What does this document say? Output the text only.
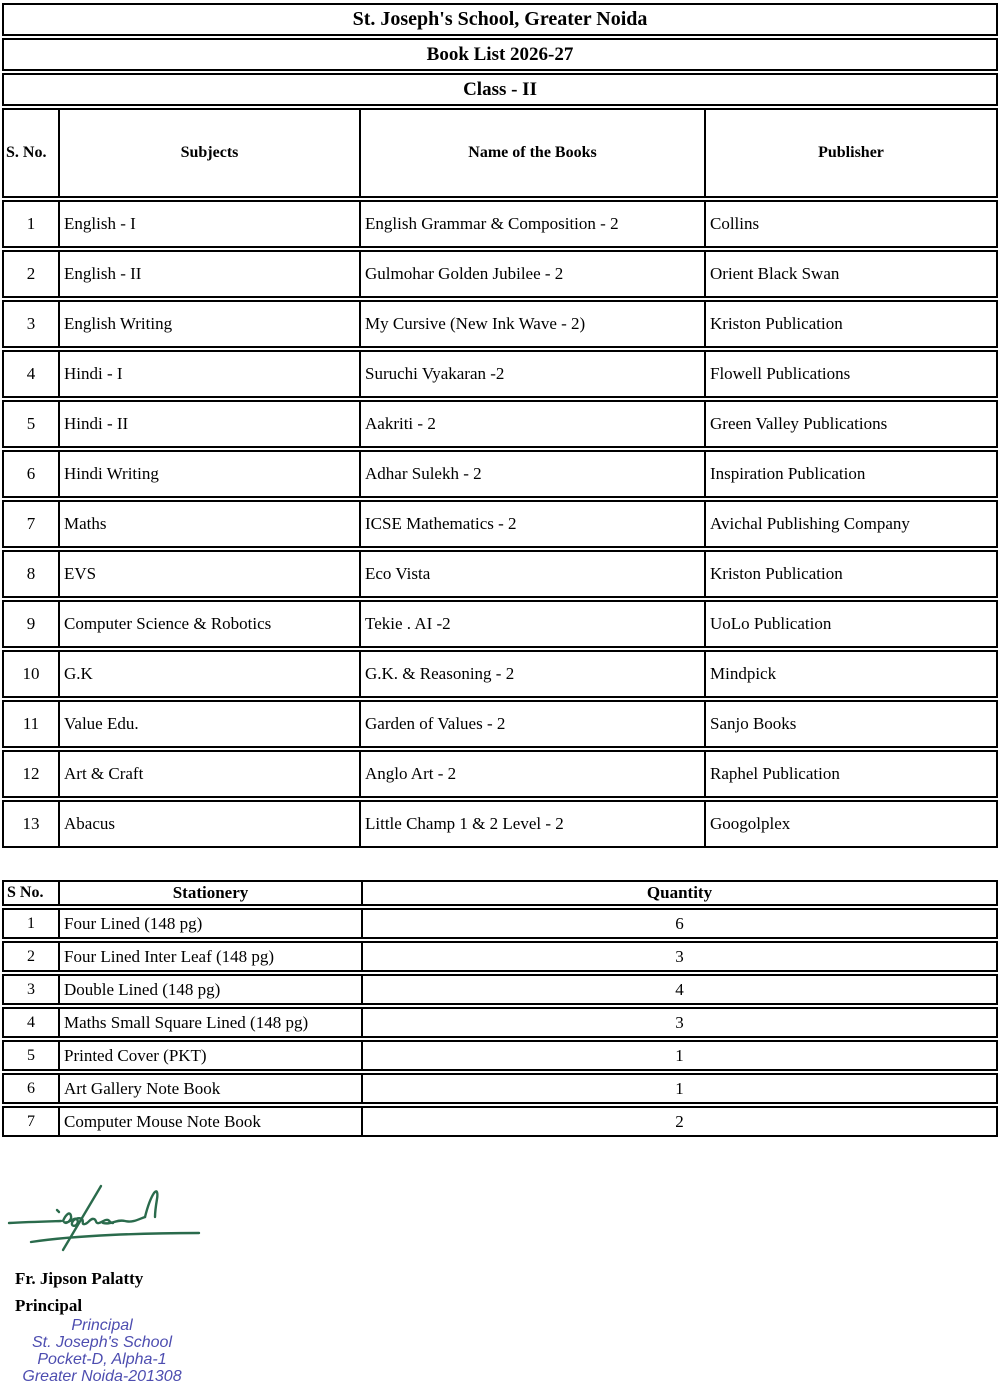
St. Joseph's School, Greater Noida			
Book List 2026-27			
Class - II			
S. No.	Subjects	Name of the Books	Publisher
1	English - I	English Grammar & Composition - 2	Collins
2	English - II	Gulmohar Golden Jubilee - 2	Orient Black Swan
3	English Writing	My Cursive (New Ink Wave - 2)	Kriston Publication
4	Hindi - I	Suruchi Vyakaran -2	Flowell Publications
5	Hindi - II	Aakriti - 2	Green Valley Publications
6	Hindi Writing	Adhar Sulekh - 2	Inspiration Publication
7	Maths	ICSE Mathematics - 2	Avichal Publishing Company
8	EVS	Eco Vista	Kriston Publication
9	Computer Science & Robotics	Tekie . AI -2	UoLo Publication
10	G.K	G.K. & Reasoning - 2	Mindpick
11	Value Edu.	Garden of Values - 2	Sanjo Books
12	Art & Craft	Anglo Art - 2	Raphel Publication
13	Abacus	Little Champ 1 & 2 Level - 2	Googolplex
S No.	Stationery	Quantity
1	Four Lined (148 pg)	6
2	Four Lined Inter Leaf (148 pg)	3
3	Double Lined (148 pg)	4
4	Maths Small Square Lined (148 pg)	3
5	Printed Cover (PKT)	1
6	Art Gallery Note Book	1
7	Computer Mouse Note Book	2
Fr. Jipson Palatty
Principal
Principal
St. Joseph's School
Pocket-D, Alpha-1
Greater Noida-201308
